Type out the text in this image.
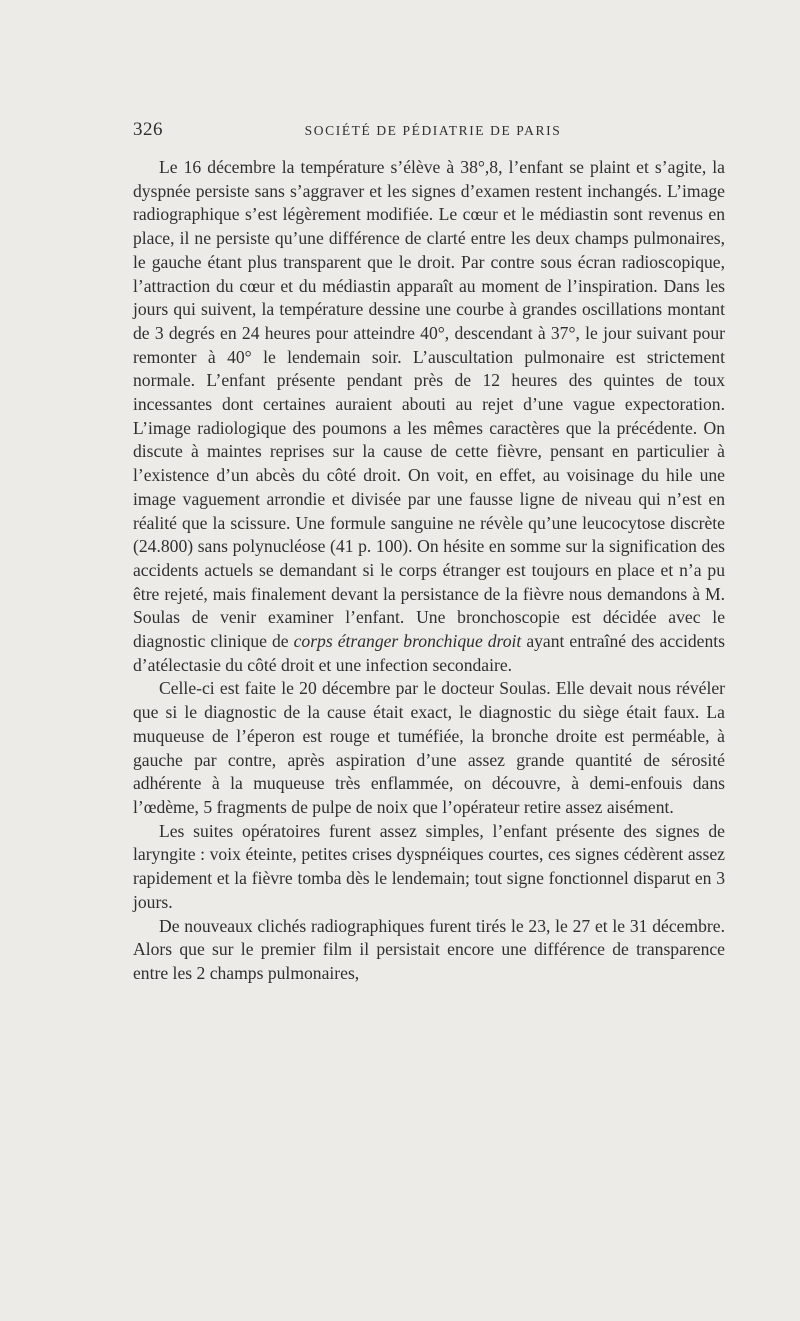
326	SOCIÉTÉ DE PÉDIATRIE DE PARIS

Le 16 décembre la température s’élève à 38°,8, l’enfant se plaint et s’agite, la dyspnée persiste sans s’aggraver et les signes d’examen restent inchangés. L’image radiographique s’est légèrement modifiée. Le cœur et le médiastin sont revenus en place, il ne persiste qu’une différence de clarté entre les deux champs pulmonaires, le gauche étant plus transparent que le droit. Par contre sous écran radioscopique, l’attraction du cœur et du médiastin apparaît au moment de l’inspiration. Dans les jours qui suivent, la température dessine une courbe à grandes oscillations montant de 3 degrés en 24 heures pour atteindre 40°, descendant à 37°, le jour suivant pour remonter à 40° le lendemain soir. L’auscultation pulmonaire est strictement normale. L’enfant présente pendant près de 12 heures des quintes de toux incessantes dont certaines auraient abouti au rejet d’une vague expectoration. L’image radiologique des poumons a les mêmes caractères que la précédente. On discute à maintes reprises sur la cause de cette fièvre, pensant en particulier à l’existence d’un abcès du côté droit. On voit, en effet, au voisinage du hile une image vaguement arrondie et divisée par une fausse ligne de niveau qui n’est en réalité que la scissure. Une formule sanguine ne révèle qu’une leucocytose discrète (24.800) sans polynucléose (41 p. 100). On hésite en somme sur la signification des accidents actuels se demandant si le corps étranger est toujours en place et n’a pu être rejeté, mais finalement devant la persistance de la fièvre nous demandons à M. Soulas de venir examiner l’enfant. Une bronchoscopie est décidée avec le diagnostic clinique de corps étranger bronchique droit ayant entraîné des accidents d’atélectasie du côté droit et une infection secondaire.

Celle-ci est faite le 20 décembre par le docteur Soulas. Elle devait nous révéler que si le diagnostic de la cause était exact, le diagnostic du siège était faux. La muqueuse de l’éperon est rouge et tuméfiée, la bronche droite est perméable, à gauche par contre, après aspiration d’une assez grande quantité de sérosité adhérente à la muqueuse très enflammée, on découvre, à demi-enfouis dans l’œdème, 5 fragments de pulpe de noix que l’opérateur retire assez aisément.

Les suites opératoires furent assez simples, l’enfant présente des signes de laryngite : voix éteinte, petites crises dyspnéiques courtes, ces signes cédèrent assez rapidement et la fièvre tomba dès le lendemain; tout signe fonctionnel disparut en 3 jours.

De nouveaux clichés radiographiques furent tirés le 23, le 27 et le 31 décembre. Alors que sur le premier film il persistait encore une différence de transparence entre les 2 champs pulmonaires,
